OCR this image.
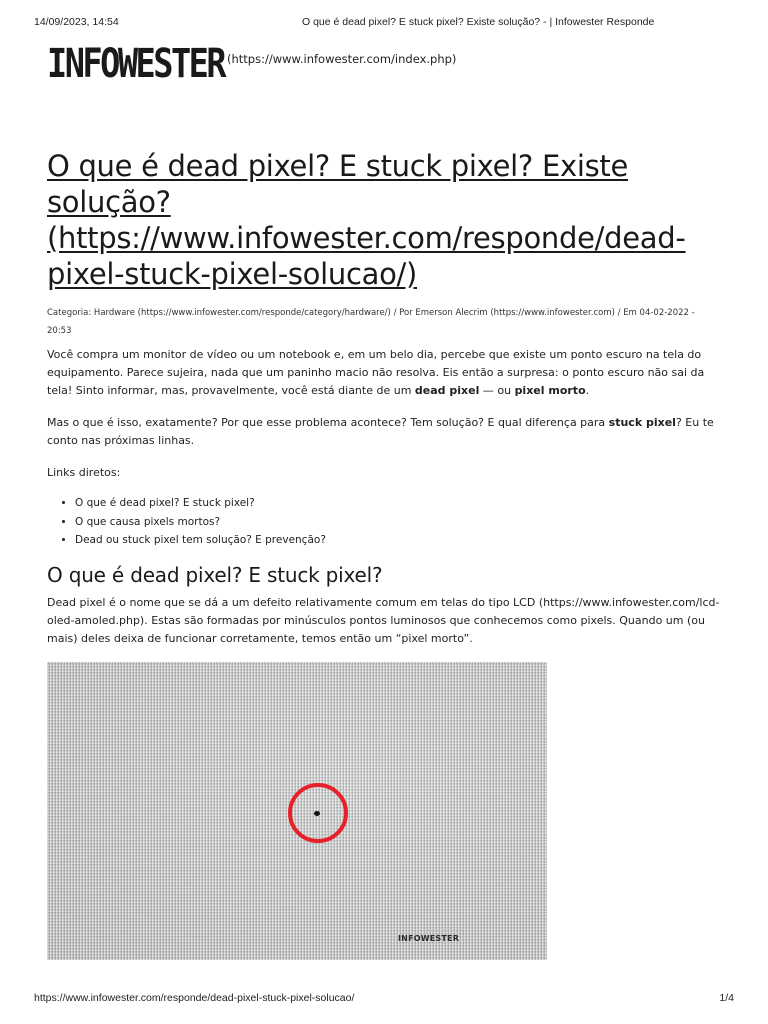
14/09/2023, 14:54	O que é dead pixel? E stuck pixel? Existe solução? - | Infowester Responde
INFOWESTER (https://www.infowester.com/index.php)
O que é dead pixel? E stuck pixel? Existe solução?
(https://www.infowester.com/responde/dead-pixel-stuck-pixel-solucao/)
Categoria: Hardware (https://www.infowester.com/responde/category/hardware/) / Por Emerson Alecrim (https://www.infowester.com) / Em 04-02-2022 - 20:53

Você compra um monitor de vídeo ou um notebook e, em um belo dia, percebe que existe um ponto escuro na tela do equipamento. Parece sujeira, nada que um paninho macio não resolva. Eis então a surpresa: o ponto escuro não sai da tela! Sinto informar, mas, provavelmente, você está diante de um dead pixel — ou pixel morto.

Mas o que é isso, exatamente? Por que esse problema acontece? Tem solução? E qual diferença para stuck pixel? Eu te conto nas próximas linhas.

Links diretos:

• O que é dead pixel? E stuck pixel?
• O que causa pixels mortos?
• Dead ou stuck pixel tem solução? E prevenção?
O que é dead pixel? E stuck pixel?

Dead pixel é o nome que se dá a um defeito relativamente comum em telas do tipo LCD (https://www.infowester.com/lcd-oled-amoled.php). Estas são formadas por minúsculos pontos luminosos que conhecemos como pixels. Quando um (ou mais) deles deixa de funcionar corretamente, temos então um “pixel morto”.

INFOWESTER
https://www.infowester.com/responde/dead-pixel-stuck-pixel-solucao/	1/4
